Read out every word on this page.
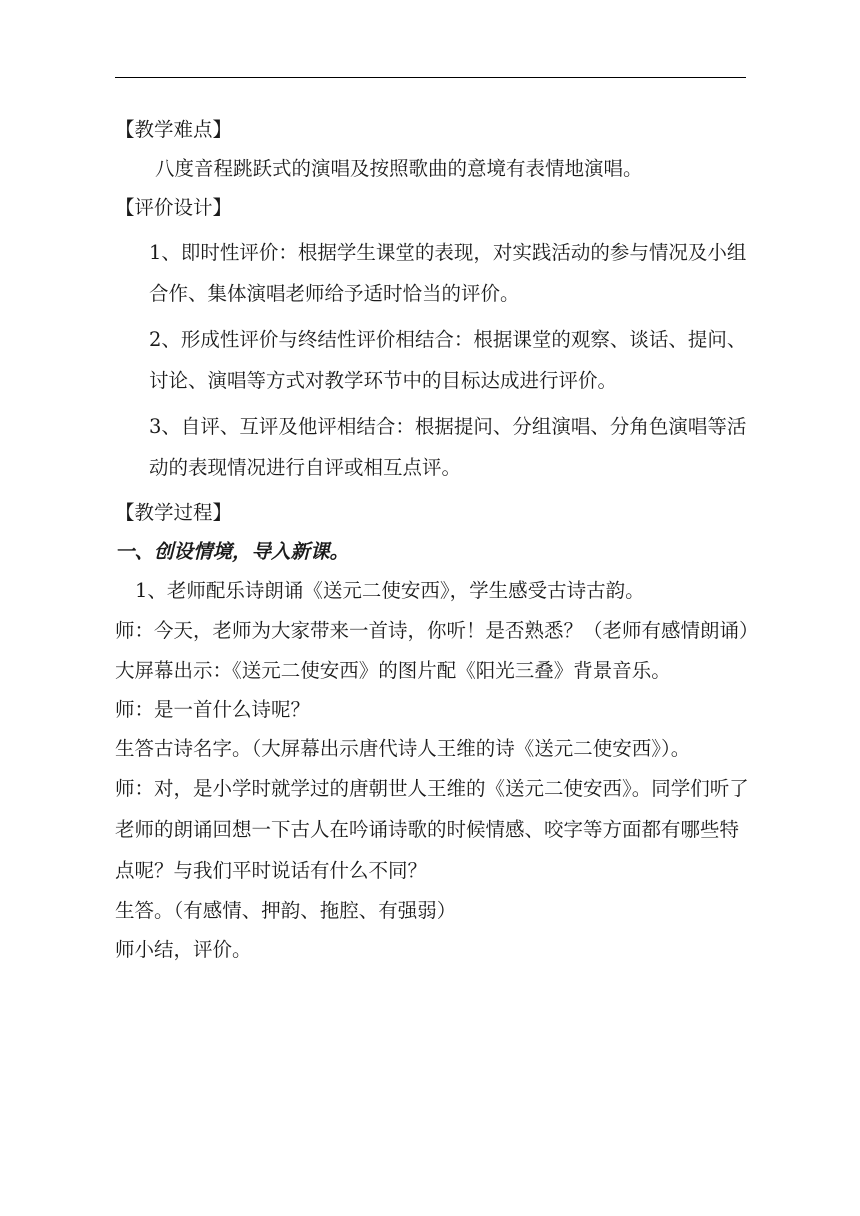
【教学难点】

八度音程跳跃式的演唱及按照歌曲的意境有表情地演唱。

【评价设计】

1、即时性评价：根据学生课堂的表现，对实践活动的参与情况及小组合作、集体演唱老师给予适时恰当的评价。

2、形成性评价与终结性评价相结合：根据课堂的观察、谈话、提问、讨论、演唱等方式对教学环节中的目标达成进行评价。

3、自评、互评及他评相结合：根据提问、分组演唱、分角色演唱等活动的表现情况进行自评或相互点评。

【教学过程】

一、创设情境，导入新课。

1、老师配乐诗朗诵《送元二使安西》，学生感受古诗古韵。

师：今天，老师为大家带来一首诗，你听！是否熟悉？（老师有感情朗诵）

大屏幕出示：《送元二使安西》的图片配《阳光三叠》背景音乐。

师：是一首什么诗呢？

生答古诗名字。（大屏幕出示唐代诗人王维的诗《送元二使安西》）。

师：对，是小学时就学过的唐朝世人王维的《送元二使安西》。同学们听了老师的朗诵回想一下古人在吟诵诗歌的时候情感、咬字等方面都有哪些特点呢？与我们平时说话有什么不同？

生答。（有感情、押韵、拖腔、有强弱）

师小结，评价。
